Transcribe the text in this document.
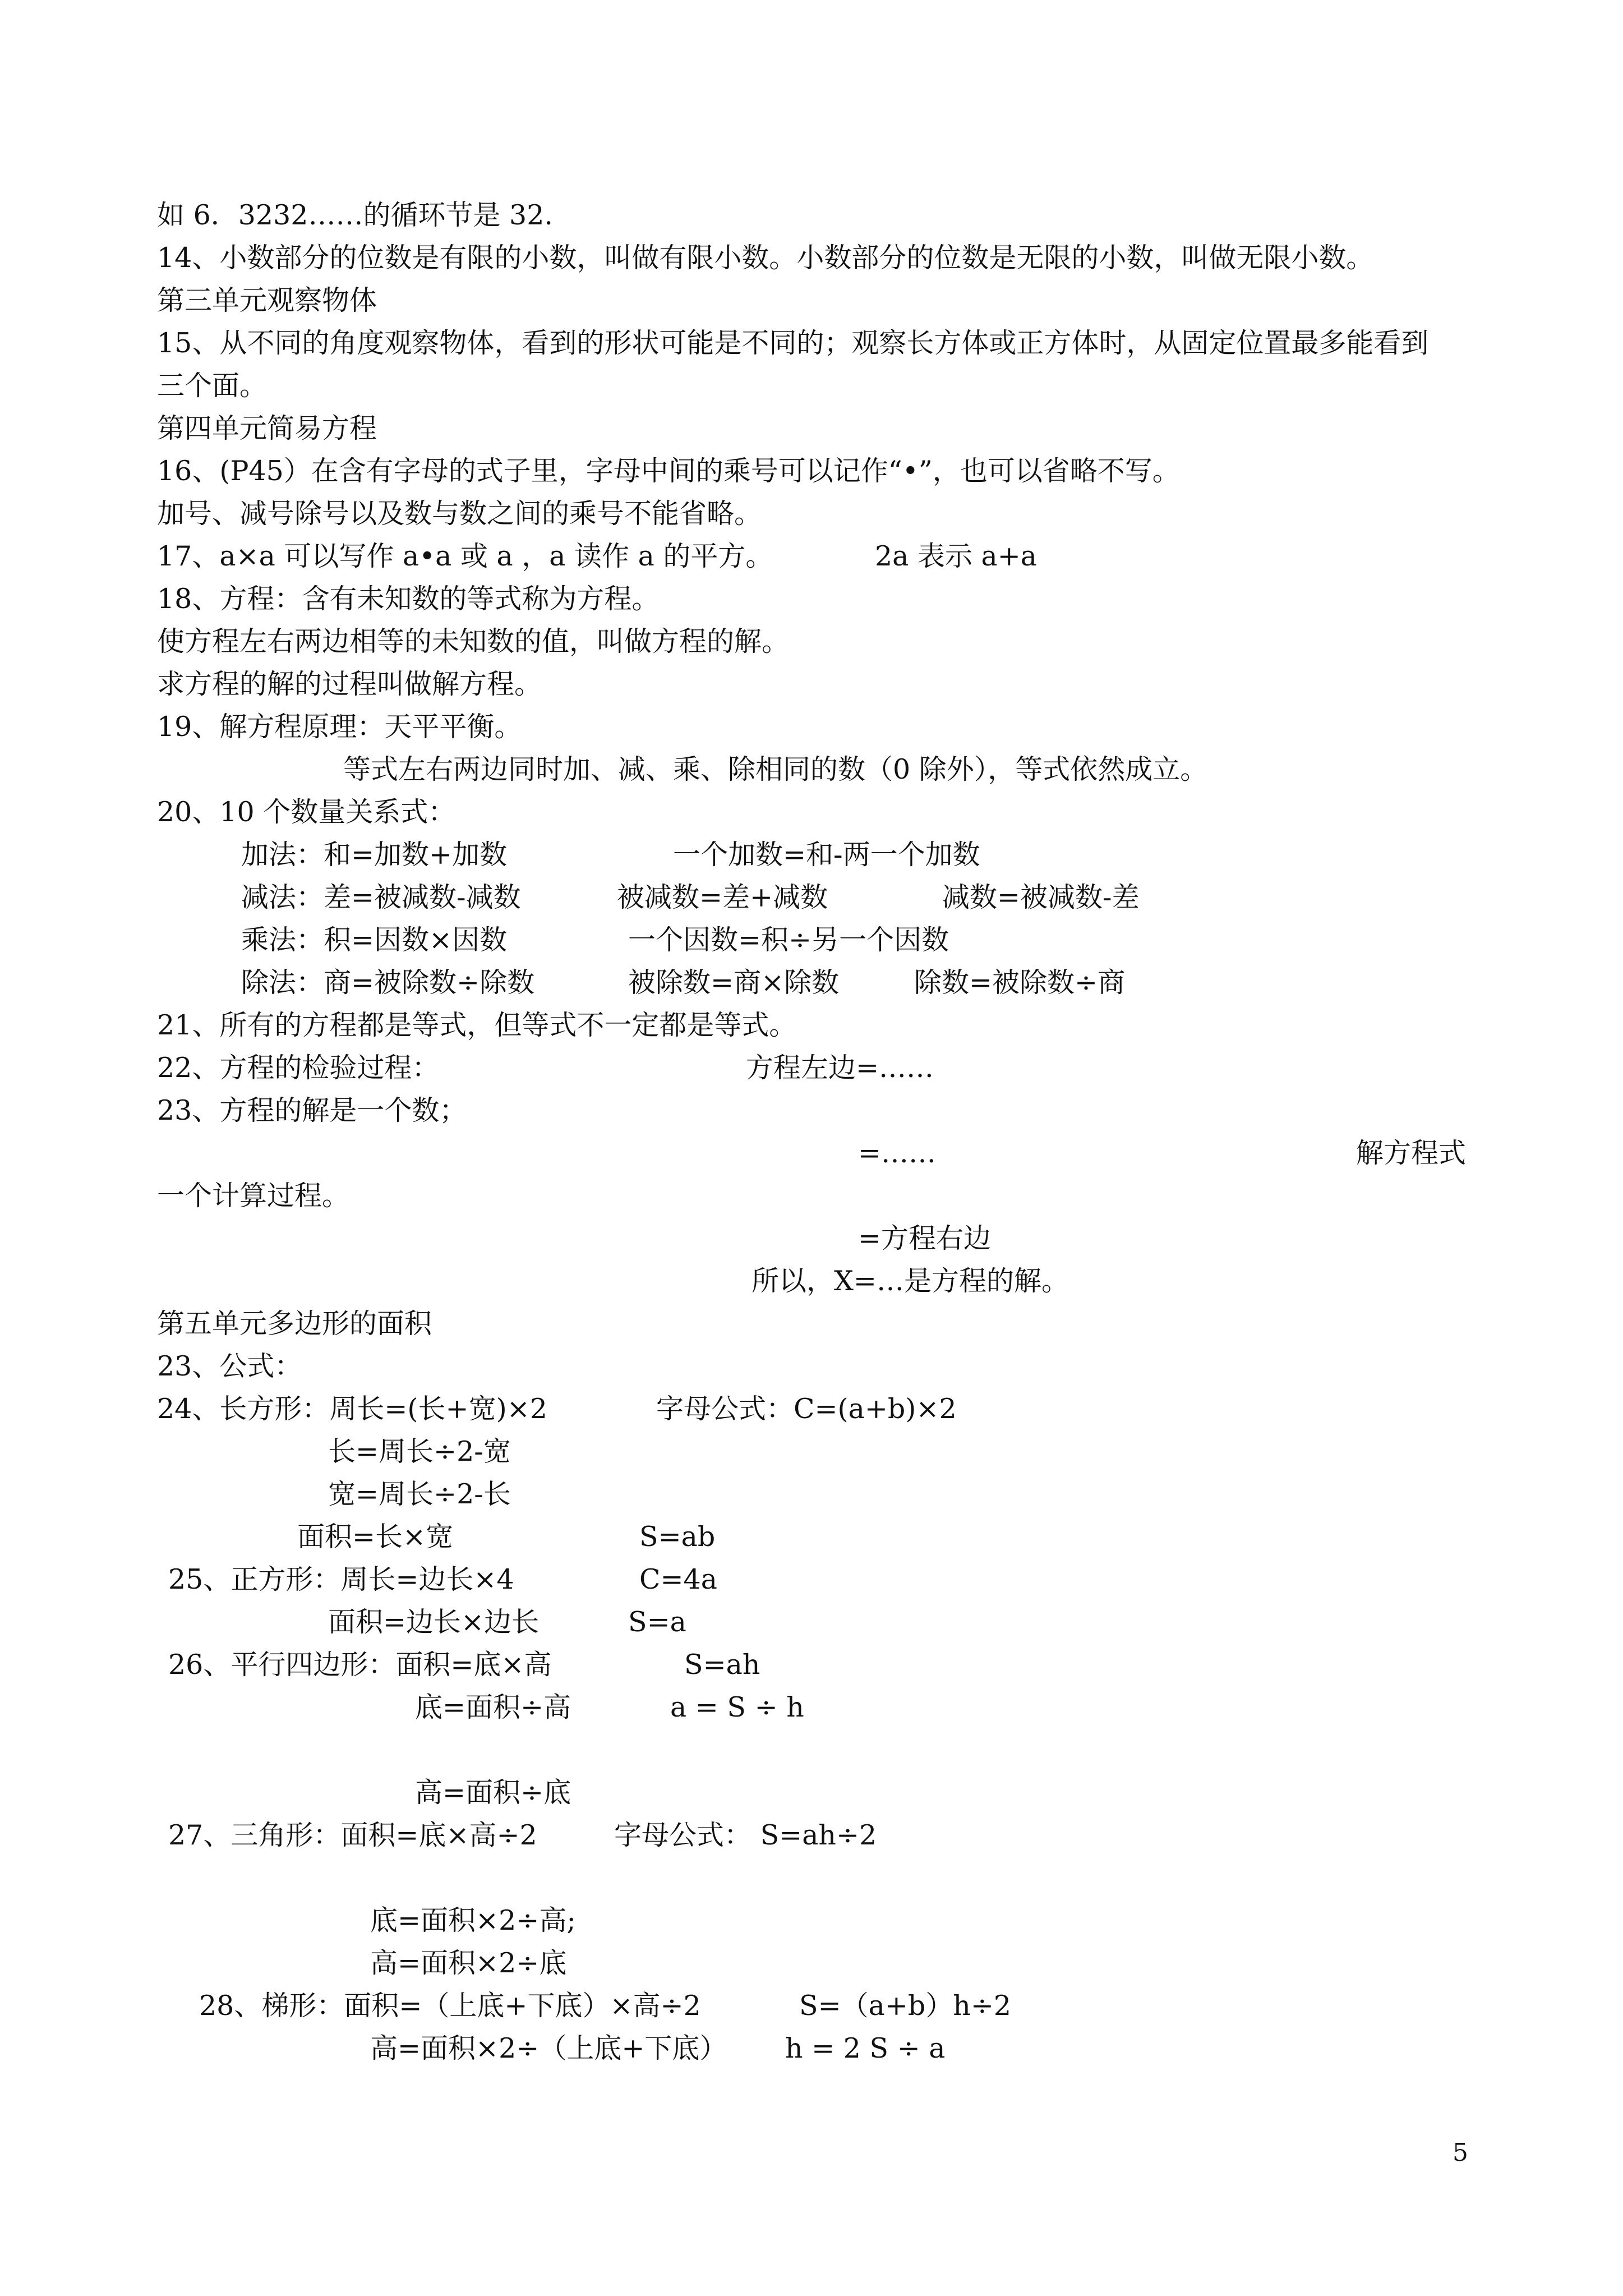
如 6．3232……的循环节是 32.
14、小数部分的位数是有限的小数，叫做有限小数。小数部分的位数是无限的小数，叫做无限小数。
第三单元观察物体
15、从不同的角度观察物体，看到的形状可能是不同的；观察长方体或正方体时，从固定位置最多能看到
三个面。
第四单元简易方程
16、(P45）在含有字母的式子里，字母中间的乘号可以记作“•”，也可以省略不写。
加号、减号除号以及数与数之间的乘号不能省略。
17、a×a 可以写作 a•a 或 a ，a 读作 a 的平方。	2a 表示 a+a
18、方程：含有未知数的等式称为方程。
使方程左右两边相等的未知数的值，叫做方程的解。
求方程的解的过程叫做解方程。
19、解方程原理：天平平衡。
等式左右两边同时加、减、乘、除相同的数（0 除外），等式依然成立。
20、10 个数量关系式：
加法：和=加数+加数	一个加数=和-两一个加数
减法：差=被减数-减数	被减数=差+减数	减数=被减数-差
乘法：积=因数×因数	一个因数=积÷另一个因数
除法：商=被除数÷除数	被除数=商×除数	除数=被除数÷商
21、所有的方程都是等式，但等式不一定都是等式。
22、方程的检验过程：	方程左边=……
23、方程的解是一个数；
=……	解方程式
一个计算过程。
=方程右边
所以，X=…是方程的解。
第五单元多边形的面积
23、公式：
24、长方形：周长=(长+宽)×2	字母公式：C=(a+b)×2
长=周长÷2-宽
宽=周长÷2-长
面积=长×宽	S=ab
25、正方形：周长=边长×4	C=4a
面积=边长×边长	S=a
26、平行四边形：面积=底×高	S=ah
底=面积÷高	a = S ÷ h
高=面积÷底
27、三角形：面积=底×高÷2	字母公式： S=ah÷2
底=面积×2÷高;
高=面积×2÷底
28、梯形：面积=（上底+下底）×高÷2	S=（a+b）h÷2
高=面积×2÷（上底+下底） h = 2 S ÷ a
5
